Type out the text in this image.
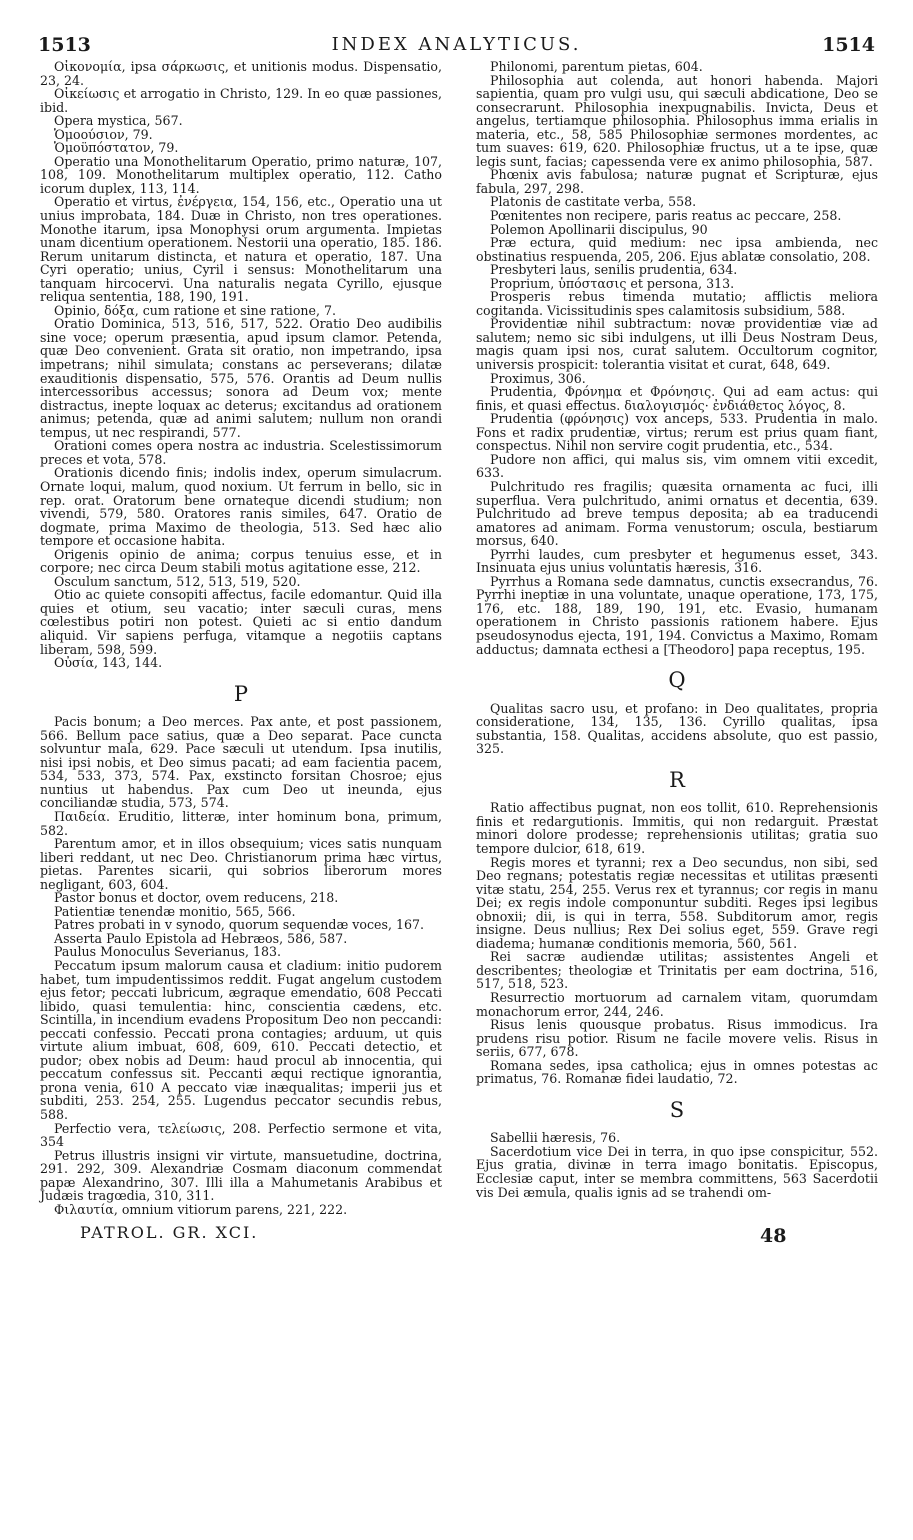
1513	INDEX ANALYTICUS.	1514

Οἰκονομία, ipsa σάρκωσις, et unitionis modus. Dispensatio, 23, 24.

Οἰκείωσις et arrogatio in Christo, 129. In eo quæ passiones, ibid.

Opera mystica, 567.

Ὁμοούσιον, 79.

Ὁμοϋπόστατον, 79.

Operatio una Monothelitarum Operatio, primo naturæ, 107, 108, 109. Monothelitarum multiplex operatio, 112. Catho icorum duplex, 113, 114.

Operatio et virtus, ἐνέργεια, 154, 156, etc., Operatio una ut unius improbata, 184. Duæ in Christo, non tres operationes. Monothe itarum, ipsa Monophysi orum argumenta. Impietas unam dicentium operationem. Nestorii una operatio, 185. 186. Rerum unitarum distincta, et natura et operatio, 187. Una Cyri operatio; unius, Cyril i sensus: Monothelitarum una tanquam hircocervi. Una naturalis negata Cyrillo, ejusque reliqua sententia, 188, 190, 191.

Opinio, δόξα, cum ratione et sine ratione, 7.

Oratio Dominica, 513, 516, 517, 522. Oratio Deo audibilis sine voce; operum præsentia, apud ipsum clamor. Petenda, quæ Deo convenient. Grata sit oratio, non impetrando, ipsa impetrans; nihil simulata; constans ac perseverans; dilatæ exauditionis dispensatio, 575, 576. Orantis ad Deum nullis intercessoribus accessus; sonora ad Deum vox; mente distractus, inepte loquax ac deterus; excitandus ad orationem animus; petenda, quæ ad animi salutem; nullum non orandi tempus, ut nec respirandi, 577.

Orationi comes opera nostra ac industria. Scelestissimorum preces et vota, 578.

Orationis dicendo finis; indolis index, operum simulacrum. Ornate loqui, malum, quod noxium. Ut ferrum in bello, sic in rep. orat. Oratorum bene ornateque dicendi studium; non vivendi, 579, 580. Oratores ranis similes, 647. Oratio de dogmate, prima Maximo de theologia, 513. Sed hæc alio tempore et occasione habita.

Origenis opinio de anima; corpus tenuius esse, et in corpore; nec circa Deum stabili motus agitatione esse, 212.

Osculum sanctum, 512, 513, 519, 520.

Otio ac quiete consopiti affectus, facile edomantur. Quid illa quies et otium, seu vacatio; inter sæculi curas, mens cœlestibus potiri non potest. Quieti ac si entio dandum aliquid. Vir sapiens perfuga, vitamque a negotiis captans liberam, 598, 599.

Οὐσία, 143, 144.

P

Pacis bonum; a Deo merces. Pax ante, et post passionem, 566. Bellum pace satius, quæ a Deo separat. Pace cuncta solvuntur mala, 629. Pace sæculi ut utendum. Ipsa inutilis, nisi ipsi nobis, et Deo simus pacati; ad eam facientia pacem, 534, 533, 373, 574. Pax, exstincto forsitan Chosroe; ejus nuntius ut habendus. Pax cum Deo ut ineunda, ejus conciliandæ studia, 573, 574.

Παιδεία. Eruditio, litteræ, inter hominum bona, primum, 582.

Parentum amor, et in illos obsequium; vices satis nunquam liberi reddant, ut nec Deo. Christianorum prima hæc virtus, pietas. Parentes sicarii, qui sobrios liberorum mores negligant, 603, 604.

Pastor bonus et doctor, ovem reducens, 218.

Patientiæ tenendæ monitio, 565, 566.

Patres probati in v synodo, quorum sequendæ voces, 167.

Asserta Paulo Epistola ad Hebræos, 586, 587.

Paulus Monoculus Severianus, 183.

Peccatum ipsum malorum causa et cladium: initio pudorem habet, tum impudentissimos reddit. Fugat angelum custodem ejus fetor; peccati lubricum, ægraque emendatio, 608 Peccati libido, quasi temulentia: hinc, conscientia cædens, etc. Scintilla, in incendium evadens Propositum Deo non peccandi: peccati confessio. Peccati prona contagies; arduum, ut quis virtute alium imbuat, 608, 609, 610. Peccati detectio, et pudor; obex nobis ad Deum: haud procul ab innocentia, qui peccatum confessus sit. Peccanti æqui rectique ignorantia, prona venia, 610 A peccato viæ inæqualitas; imperii jus et subditi, 253. 254, 255. Lugendus peccator secundis rebus, 588.

Perfectio vera, τελείωσις, 208. Perfectio sermone et vita, 354

Petrus illustris insigni vir virtute, mansuetudine, doctrina, 291. 292, 309. Alexandriæ Cosmam diaconum commendat papæ Alexandrino, 307. Illi illa a Mahumetanis Arabibus et Judæis tragœdia, 310, 311.

Φιλαυτία, omnium vitiorum parens, 221, 222.

Philonomi, parentum pietas, 604.

Philosophia aut colenda, aut honori habenda. Majori sapientia, quam pro vulgi usu, qui sæculi abdicatione, Deo se consecrarunt. Philosophia inexpugnabilis. Invicta, Deus et angelus, tertiamque philosophia. Philosophus imma erialis in materia, etc., 58, 585 Philosophiæ sermones mordentes, ac tum suaves: 619, 620. Philosophiæ fructus, ut a te ipse, quæ legis sunt, facias; capessenda vere ex animo philosophia, 587.

Phœnix avis fabulosa; naturæ pugnat et Scripturæ, ejus fabula, 297, 298.

Platonis de castitate verba, 558.

Pœnitentes non recipere, paris reatus ac peccare, 258.

Polemon Apollinarii discipulus, 90

Præ ectura, quid medium: nec ipsa ambienda, nec obstinatius respuenda, 205, 206. Ejus ablatæ consolatio, 208.

Presbyteri laus, senilis prudentia, 634.

Proprium, ὑπόστασις et persona, 313.

Prosperis rebus timenda mutatio; afflictis meliora cogitanda. Vicissitudinis spes calamitosis subsidium, 588.

Providentiæ nihil subtractum: novæ providentiæ viæ ad salutem; nemo sic sibi indulgens, ut illi Deus Nostram Deus, magis quam ipsi nos, curat salutem. Occultorum cognitor, universis prospicit: tolerantia visitat et curat, 648, 649.

Proximus, 306.

Prudentia, Φρόνημα et Φρόνησις. Qui ad eam actus: qui finis, et quasi effectus. διαλογισμός· ἐνδιάθετος λόγος, 8.

Prudentia (φρόνησις) vox anceps, 533. Prudentia in malo. Fons et radix prudentiæ, virtus; rerum est prius quam fiant, conspectus. Nihil non servire cogit prudentia, etc., 534.

Pudore non affici, qui malus sis, vim omnem vitii excedit, 633.

Pulchritudo res fragilis; quæsita ornamenta ac fuci, illi superflua. Vera pulchritudo, animi ornatus et decentia, 639. Pulchritudo ad breve tempus deposita; ab ea traducendi amatores ad animam. Forma venustorum; oscula, bestiarum morsus, 640.

Pyrrhi laudes, cum presbyter et hegumenus esset, 343. Insinuata ejus unius voluntatis hæresis, 316.

Pyrrhus a Romana sede damnatus, cunctis exsecrandus, 76. Pyrrhi ineptiæ in una voluntate, unaque operatione, 173, 175, 176, etc. 188, 189, 190, 191, etc. Evasio, humanam operationem in Christo passionis rationem habere. Ejus pseudosynodus ejecta, 191, 194. Convictus a Maximo, Romam adductus; damnata ecthesi a [Theodoro] papa receptus, 195.

Q

Qualitas sacro usu, et profano: in Deo qualitates, propria consideratione, 134, 135, 136. Cyrillo qualitas, ipsa substantia, 158. Qualitas, accidens absolute, quo est passio, 325.

R

Ratio affectibus pugnat, non eos tollit, 610. Reprehensionis finis et redargutionis. Immitis, qui non redarguit. Præstat minori dolore prodesse; reprehensionis utilitas; gratia suo tempore dulcior, 618, 619.

Regis mores et tyranni; rex a Deo secundus, non sibi, sed Deo regnans; potestatis regiæ necessitas et utilitas præsenti vitæ statu, 254, 255. Verus rex et tyrannus; cor regis in manu Dei; ex regis indole componuntur subditi. Reges ipsi legibus obnoxii; dii, is qui in terra, 558. Subditorum amor, regis insigne. Deus nullius; Rex Dei solius eget, 559. Grave regi diadema; humanæ conditionis memoria, 560, 561.

Rei sacræ audiendæ utilitas; assistentes Angeli et describentes; theologiæ et Trinitatis per eam doctrina, 516, 517, 518, 523.

Resurrectio mortuorum ad carnalem vitam, quorumdam monachorum error, 244, 246.

Risus lenis quousque probatus. Risus immodicus. Ira prudens risu potior. Risum ne facile movere velis. Risus in seriis, 677, 678.

Romana sedes, ipsa catholica; ejus in omnes potestas ac primatus, 76. Romanæ fidei laudatio, 72.

S

Sabellii hæresis, 76.

Sacerdotium vice Dei in terra, in quo ipse conspicitur, 552. Ejus gratia, divinæ in terra imago bonitatis. Episcopus, Ecclesiæ caput, inter se membra committens, 563 Sacerdotii vis Dei æmula, qualis ignis ad se trahendi om-

PATROL. GR. XCI.	48
